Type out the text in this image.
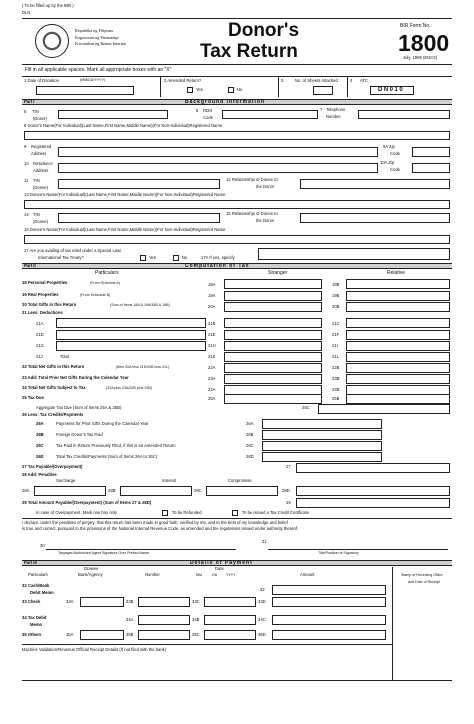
( To be filled up by the BIR )
DLN
Republika ng Pilipinas
Kagawaran ng Pananalapi
Kawanihan ng Rentas Internas
Donor's
Tax Return
BIR Form No.
1800
July, 1999 (ENCS)
Fill in all applicable spaces. Mark all appropriate boxes with an "X"
1 Date of Donation	(MM/DD/YYYY)	2 Amended Return?
Yes	No
3	No. of Sheets Attached	4 ATC
DN010
Part I	Background Information
5 TIN
(Donor)
6 RDO
Code
7 Telephone
Number
8 Donor's Name(For Individual)(Last Name,First Name,Middle Name)(For Non-Individual)Registered Name
9 Registered
Address
9A Zip
Code
10 Residence
Address
10A Zip
Code
11 TIN
(Donee)
12 Relationship of Donee to
the Donor
13 Donee's Name(For Individual)(Last Name,First Name,Middle Name)(For Non-Individual)Registered Name
14 TIN
(Donee)
15 Relationship of Donee to
the Donor
16 Donee's Name(For Individual)(Last Name,First Name,Middle Name)(For Non-Individual)Registered Name
17 Are you availing of tax relief under a Special Law/
International Tax Treaty?	Yes	No	17A If yes, specify
Part II	Computation of Tax
Particulars	Stranger	Relative
18 Personal Properties	(From Schedule A)	18A	18B
19 Real Properties	(From Schedule B)	19A	19B
20 Total Gifts in this Return	(Sum of Items 18A & 19A/18B & 19B)	20A	20B
21 Less: Deductions
21A	21B	21C
21D	21E	21F
21G	21H	21I
21J	Total	21K	21L
22 Total Net Gifts in this Return	(Item 20A less 21K/20B less 21L)	22A	22B
23 Add: Total Prior Net Gifts During the Calendar Year	23A	23B
24 Total Net Gifts Subject to Tax	(22A plus 23A/22B plus 23B)	24A	24B
25 Tax Due	25A	25B
Aggregate Tax Due (Sum of Items 25A & 25B)	25C
26 Less: Tax Credits/Payments
26A	Payments for Prior Gifts During the Calendar Year	26A
26B	Foreign Donor's Tax Paid	26B
26C	Tax Paid in Return Previously Filed, if this is an Amended Return	26C
26D	Total Tax Credits/Payments (Sum of Items 26A to 26C)	26D
27 Tax Payable/(Overpayment)	27
28 Add: Penalties
Surcharge	Interest	Compromise
28A	28B	28C	28D
29 Total Amount Payable/(Overpayment) (Sum of Items 27 & 28D)	29
In case of Overpayment, Mark one box only	To be Refunded	To be issued a Tax Credit Certificate
I declare, under the penalties of perjury, that this return has been made in good faith, verified by me, and to the best of my knowledge and belief
is true and correct, pursuant to the provisions of the National Internal Revenue Code, as amended and the regulations issued under authority thereof.
30
31
Taxpayer/Authorized Agent Signature Over Printed Name	Title/Position of Signatory
Part III	Details of Payment
Particulars
Drawee
Bank/Agency	Number
Date
MM	DD YYYY	Amount	Stamp of Receiving Office
and Date of Receipt
32 Cash/Bank
Debit Memo
32
33 Check	33A	33B	33C	33D
34 Tax Debit
Memo
34A	34B	34C
35 Others	35A	35B	35C	35D
Machine Validation/Revenue Official Receipt Details (If not filed with the bank)
